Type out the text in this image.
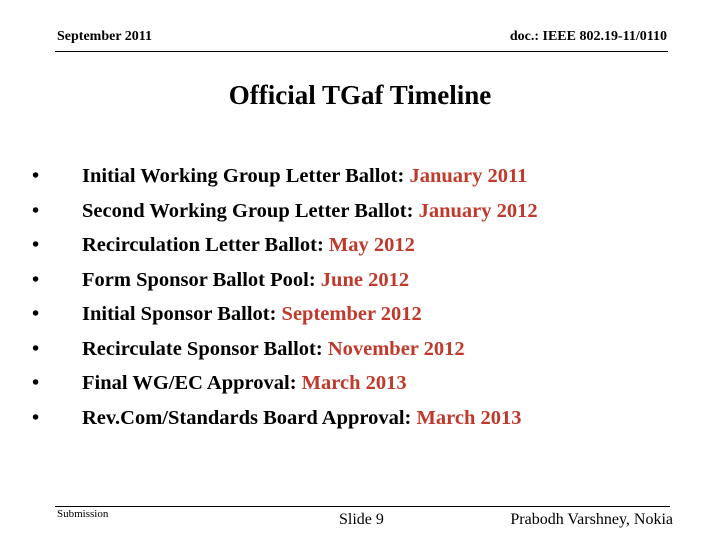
September 2011	doc.: IEEE 802.19-11/0110
Official TGaf Timeline
•	Initial Working Group Letter Ballot:
January 2011
•	Second Working Group Letter Ballot:
January 2012
•	Recirculation Letter Ballot:
May 2012
•	Form Sponsor Ballot Pool:
June 2012
•	Initial Sponsor Ballot:
September 2012
•	Recirculate Sponsor Ballot:
November 2012
•	Final WG/EC Approval:
March 2013
•	Rev.Com/Standards Board Approval:
March 2013
Submission	Slide 9	Prabodh Varshney, Nokia
